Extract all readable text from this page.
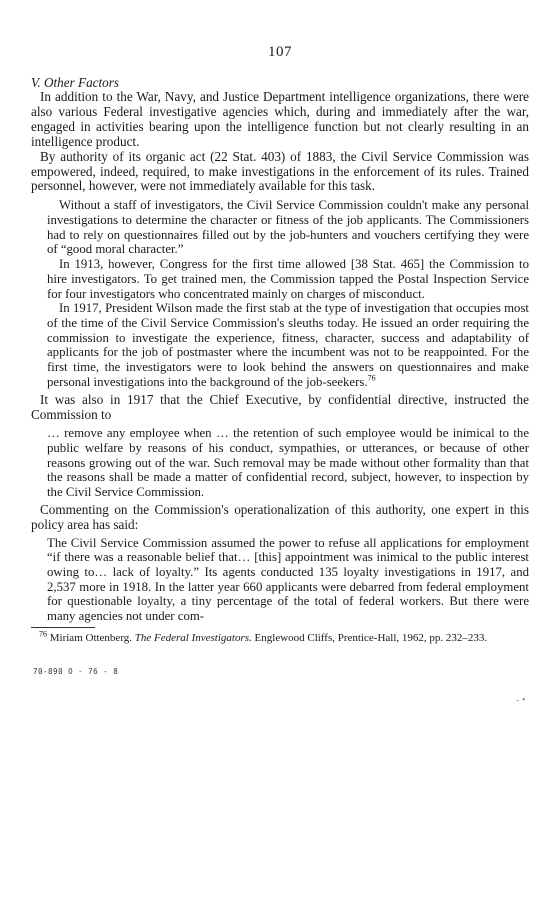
107

V. Other Factors

In addition to the War, Navy, and Justice Department intelligence organizations, there were also various Federal investigative agencies which, during and immediately after the war, engaged in activities bearing upon the intelligence function but not clearly resulting in an intelligence product.

By authority of its organic act (22 Stat. 403) of 1883, the Civil Service Commission was empowered, indeed, required, to make investigations in the enforcement of its rules. Trained personnel, however, were not immediately available for this task.

Without a staff of investigators, the Civil Service Commission couldn't make any personal investigations to determine the character or fitness of the job applicants. The Commissioners had to rely on questionnaires filled out by the job-hunters and vouchers certifying they were of “good moral character.”

In 1913, however, Congress for the first time allowed [38 Stat. 465] the Commission to hire investigators. To get trained men, the Commission tapped the Postal Inspection Service for four investigators who concentrated mainly on charges of misconduct.

In 1917, President Wilson made the first stab at the type of investigation that occupies most of the time of the Civil Service Commission's sleuths today. He issued an order requiring the commission to investigate the experience, fitness, character, success and adaptability of applicants for the job of postmaster where the incumbent was not to be reappointed. For the first time, the investigators were to look behind the answers on questionnaires and make personal investigations into the background of the job-seekers.$^{76}$

It was also in 1917 that the Chief Executive, by confidential directive, instructed the Commission to

… remove any employee when … the retention of such employee would be inimical to the public welfare by reasons of his conduct, sympathies, or utterances, or because of other reasons growing out of the war. Such removal may be made without other formality than that the reasons shall be made a matter of confidential record, subject, however, to inspection by the Civil Service Commission.

Commenting on the Commission's operationalization of this authority, one expert in this policy area has said:

The Civil Service Commission assumed the power to refuse all applications for employment “if there was a reasonable belief that… [this] appointment was inimical to the public interest owing to… lack of loyalty.” Its agents conducted 135 loyalty investigations in 1917, and 2,537 more in 1918. In the latter year 660 applicants were debarred from federal employment for questionable loyalty, a tiny percentage of the total of federal workers. But there were many agencies not under com-

$^{76}$ Miriam Ottenberg. The Federal Investigators. Englewood Cliffs, Prentice-Hall, 1962, pp. 232–233.

70-890 O - 76 - 8
- •
